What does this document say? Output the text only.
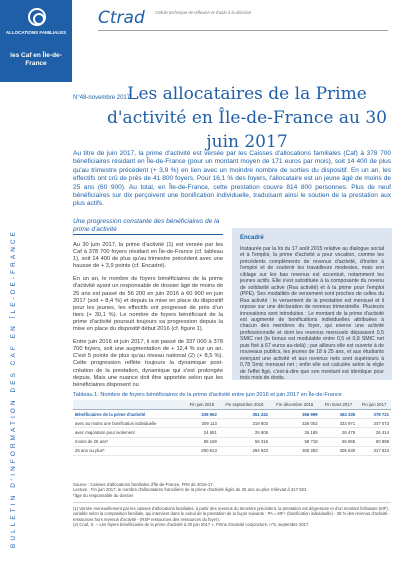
ALLOCATIONS FAMILIALES
les Caf en Île-de-France
Ctrad Cellule technique de réflexion et d'aide à la décision
BULLETIN D'INFORMATION DES CAF EN ÎLE-DE-FRANCE
N°48-novembre 2017
Les allocataires de la Prime d'activité en Île-de-France au 30 juin 2017
Au titre de juin 2017, la prime d'activité est versée par les Caisses d'allocations familiales (Caf) à 378 700 bénéficiaires résidant en Île-de-France (pour un montant moyen de 171 euros par mois), soit 14 400 de plus qu'au trimestre précédent (+ 3,9 %) en lien avec un moindre nombre de sorties du dispositif. En un an, les effectifs ont crû de près de 41 800 foyers. Pour 16,1 % des foyers, l'allocataire est un jeune âgé de moins de 25 ans (60 900). Au total, en Île-de-France, cette prestation couvre 814 800 personnes. Plus de neuf bénéficiaires sur dix perçoivent une bonification individuelle, traduisant ainsi le soutien de la prestation aux plus actifs.
Une progression constante des bénéficiaires de la prime d'activité

Au 30 juin 2017, la prime d'activité (1) est versée par les Caf à 378 700 foyers résidant en Île-de-France (cf. tableau 1), soit 14 400 de plus qu'au trimestre précédent avec une hausse de + 3,9 points (cf. Encadré).

En un an, le nombre de foyers bénéficiaires de la prime d'activité ayant un responsable de dossier âgé de moins de 25 ans est passé de 56 200 en juin 2016 à 60 900 en juin 2017 (soit + 8,4 %) et depuis la mise en place du dispositif pour les jeunes, les effectifs ont progressé de près d'un tiers (+ 30,1 %). Le nombre de foyers bénéficiant de la prime d'activité poursuit toujours sa progression depuis la mise en place du dispositif début 2016 (cf. figure 1).

Entre juin 2016 et juin 2017, il est passé de 337 000 à 378 700 foyers, soit une augmentation de + 12,4 % sur un an. C'est 5 points de plus qu'au niveau national (2) (+ 8,5 %). Cette progression reflète toujours la dynamique post-création de la prestation, dynamique qui s'est prolongée depuis. Mais une nuance doit être apportée selon que les bénéficiaires disposent ou

Encadré
Instaurée par la loi du 17 août 2015 relative au dialogue social et à l'emploi, la prime d'activité a pour vocation, comme les précédents compléments de revenus d'activité, d'inciter à l'emploi et de soutenir les travailleurs modestes, mais son ciblage sur les bas revenus est accentué, notamment les jeunes actifs. Elle s'est substituée à la composante du revenu de solidarité active (Rsa activité) et à la prime pour l'emploi (PPE). Ses modalités de versement sont proches de celles du Rsa activité : le versement de la prestation est mensuel et il repose sur une déclaration de revenus trimestrielle. Plusieurs innovations sont introduites : Le montant de la prime d'activité est augmenté de bonifications individuelles attribuées à chacun des membres du foyer, qui exerce une activité professionnelle et dont les revenus mensuels dépassent 0,5 SMIC net (le bonus est modulable entre 0,5 et 0,8 SMIC net puis fixé à 67 euros au-delà) ; par ailleurs elle est ouverte à de nouveaux publics, les jeunes de 18 à 25 ans, et aux étudiants exerçant une activité et aux revenus nets sont supérieurs à 0,78 Smic mensuel net ; enfin elle est calculée selon la règle de l'effet figé, c'est-à-dire que son montant est identique pour trois mois de droits.
Tableau 1: Nombre de foyers bénéficiaires de la prime d'activité entre juin 2016 et juin 2017 en Île-de-France
	Fin juin 2016	Fin septembre 2016	Fin décembre 2016	Fin mars 2017	Fin juin 2017
Bénéficiaires de la prime d'activité	336 962	351 242	356 999	364 335	378 721
avec au moins une bonification individuelle	309 113	319 803	326 002	333 971	347 073
avec majoration pour isolement	24 681	25 605	26 185	26 479	26 414
moins de 25 ans*	56 169	58 316	58 718	59 865	60 898
25 ans ou plus*	280 813	294 923	300 283	305 630	317 823
Source : Caisses d'allocations familiales d'Île-de-France, FR6 de 2016-17.
Lecture : Fin juin 2017, le nombre d'allocataires franciliens de la prime d'activité âgés de 25 ans ou plus s'élevait à 317 823.
*âge du responsable du dossier
(1) Versée mensuellement par les caisses d'allocations familiales, à partir des revenus du trimestre précédent, la prestation est dégressive et d'un montant forfaitaire (MF), variable selon la composition familiale, qui intervient dans le calcul de la prestation de la façon suivante : PA = MF+ (bonification individuelle) - 38 % des revenus d'activité - ressources hors revenus d'activité - (RSP ressources des ressources du foyer).
(2) Cnaf, S. -- Les foyers bénéficiaires de la prime d'activité à 30 juin 2017 », Prime d'activité conjoncture, n°8, septembre 2017.
